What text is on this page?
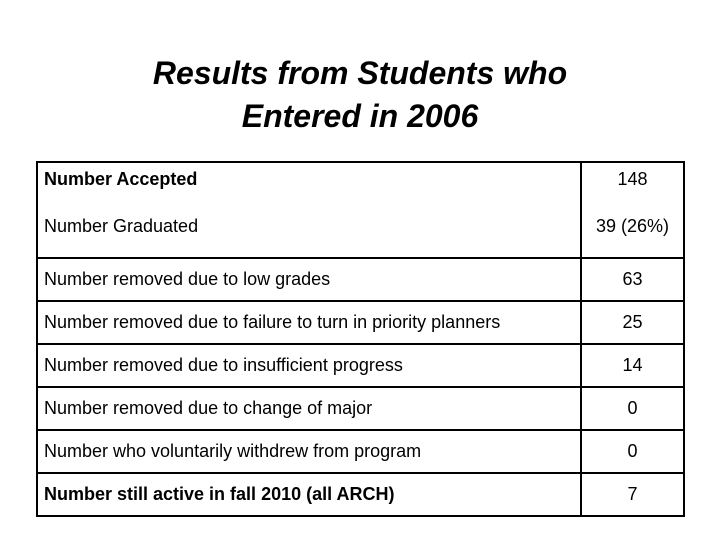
Results from Students who
Entered in 2006
Number Accepted	148
Number Graduated	39 (26%)
Number removed due to low grades	63
Number removed due to failure to turn in priority planners	25
Number removed due to insufficient progress	14
Number removed due to change of major	0
Number who voluntarily withdrew from program	0
Number still active in fall 2010 (all ARCH)	7
